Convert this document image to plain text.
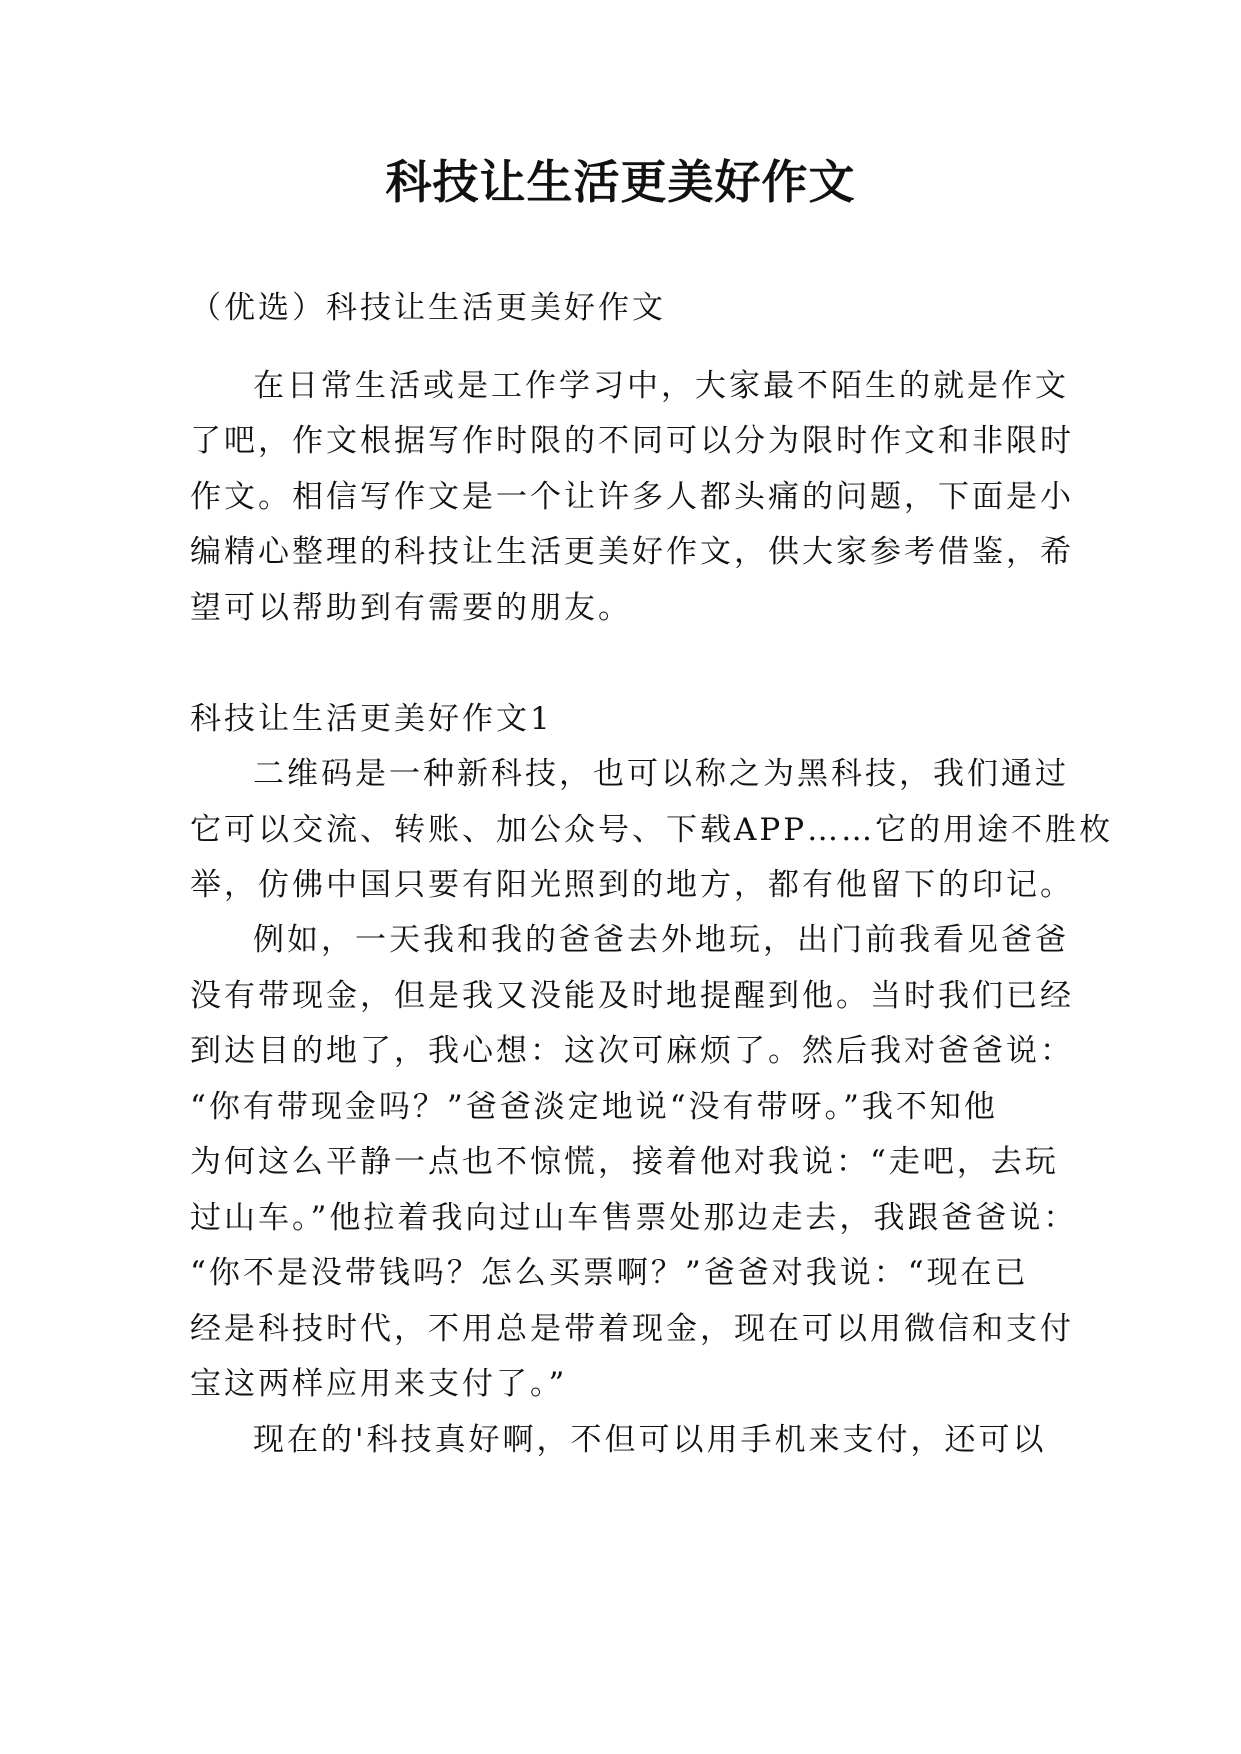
科技让生活更美好作文
（优选）科技让生活更美好作文
在日常生活或是工作学习中，大家最不陌生的就是作文
了吧，作文根据写作时限的不同可以分为限时作文和非限时
作文。相信写作文是一个让许多人都头痛的问题，下面是小
编精心整理的科技让生活更美好作文，供大家参考借鉴，希
望可以帮助到有需要的朋友。
科技让生活更美好作文1
二维码是一种新科技，也可以称之为黑科技，我们通过
它可以交流、转账、加公众号、下载APP……它的用途不胜枚
举，仿佛中国只要有阳光照到的地方，都有他留下的印记。
例如，一天我和我的爸爸去外地玩，出门前我看见爸爸
没有带现金，但是我又没能及时地提醒到他。当时我们已经
到达目的地了，我心想：这次可麻烦了。然后我对爸爸说：
“你有带现金吗？”爸爸淡定地说“没有带呀。”我不知他
为何这么平静一点也不惊慌，接着他对我说：“走吧，去玩
过山车。”他拉着我向过山车售票处那边走去，我跟爸爸说：
“你不是没带钱吗？怎么买票啊？”爸爸对我说：“现在已
经是科技时代，不用总是带着现金，现在可以用微信和支付
宝这两样应用来支付了。”
现在的'科技真好啊，不但可以用手机来支付，还可以
